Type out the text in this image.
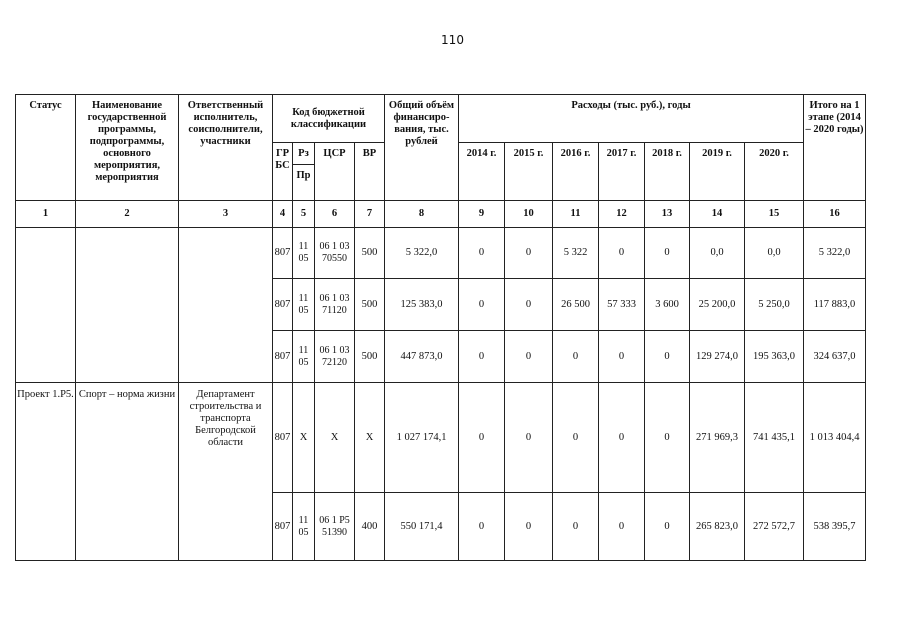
110
Статус	Наименование государственной программы, подпрограммы, основного мероприятия, мероприятия	Ответственный исполнитель, соисполнители, участники	Код бюджетной классификации				Общий объём финансиро-вания, тыс. рублей	Расходы (тыс. руб.), годы							Итого на 1 этапе (2014 – 2020 годы)
			ГР БС	Рз	ЦСР	ВР		2014 г.	2015 г.	2016 г.	2017 г.	2018 г.	2019 г.	2020 г.	
				Пр											
1	2	3	4	5	6	7	8	9	10	11	12	13	14	15	16
			807	11 05	06 1 03 70550	500	5 322,0	0	0	5 322	0	0	0,0	0,0	5 322,0
			807	11 05	06 1 03 71120	500	125 383,0	0	0	26 500	57 333	3 600	25 200,0	5 250,0	117 883,0
			807	11 05	06 1 03 72120	500	447 873,0	0	0	0	0	0	129 274,0	195 363,0	324 637,0
Проект 1.Р5.	Спорт – норма жизни	Департамент строительства и транспорта Белгородской области	807	X	X	X	1 027 174,1	0	0	0	0	0	271 969,3	741 435,1	1 013 404,4
			807	11 05	06 1 Р5 51390	400	550 171,4	0	0	0	0	0	265 823,0	272 572,7	538 395,7
